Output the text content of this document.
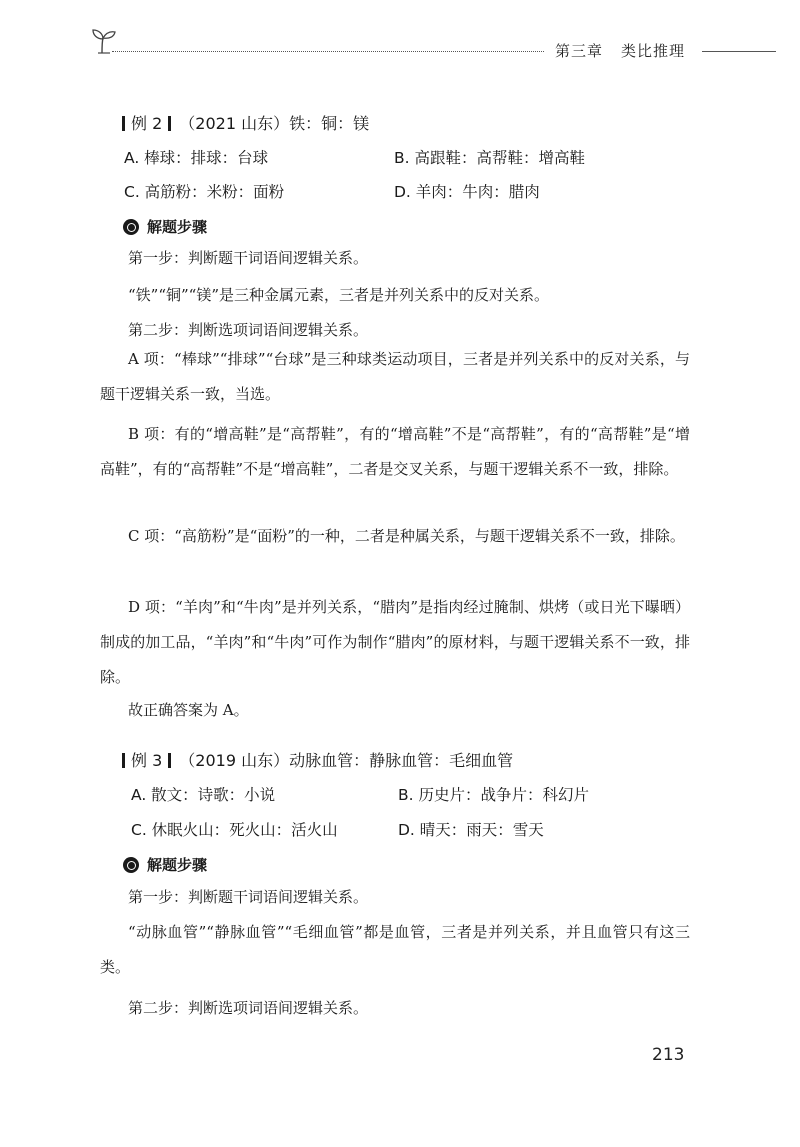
第三章 类比推理
例 2 （2021 山东）铁：铜：镁
A. 棒球：排球：台球	B. 高跟鞋：高帮鞋：增高鞋
C. 高筋粉：米粉：面粉	D. 羊肉：牛肉：腊肉
解题步骤
第一步：判断题干词语间逻辑关系。
“铁”“铜”“镁”是三种金属元素，三者是并列关系中的反对关系。
第二步：判断选项词语间逻辑关系。
A 项：“棒球”“排球”“台球”是三种球类运动项目，三者是并列关系中的反对关系，与题干逻辑关系一致，当选。
B 项：有的“增高鞋”是“高帮鞋”，有的“增高鞋”不是“高帮鞋”，有的“高帮鞋”是“增高鞋”，有的“高帮鞋”不是“增高鞋”，二者是交叉关系，与题干逻辑关系不一致，排除。
C 项：“高筋粉”是“面粉”的一种，二者是种属关系，与题干逻辑关系不一致，排除。
D 项：“羊肉”和“牛肉”是并列关系，“腊肉”是指肉经过腌制、烘烤（或日光下曝晒）制成的加工品，“羊肉”和“牛肉”可作为制作“腊肉”的原材料，与题干逻辑关系不一致，排除。
故正确答案为 A。
例 3 （2019 山东）动脉血管：静脉血管：毛细血管
A. 散文：诗歌：小说	B. 历史片：战争片：科幻片
C. 休眠火山：死火山：活火山	D. 晴天：雨天：雪天
解题步骤
第一步：判断题干词语间逻辑关系。
“动脉血管”“静脉血管”“毛细血管”都是血管，三者是并列关系，并且血管只有这三类。
第二步：判断选项词语间逻辑关系。
213
